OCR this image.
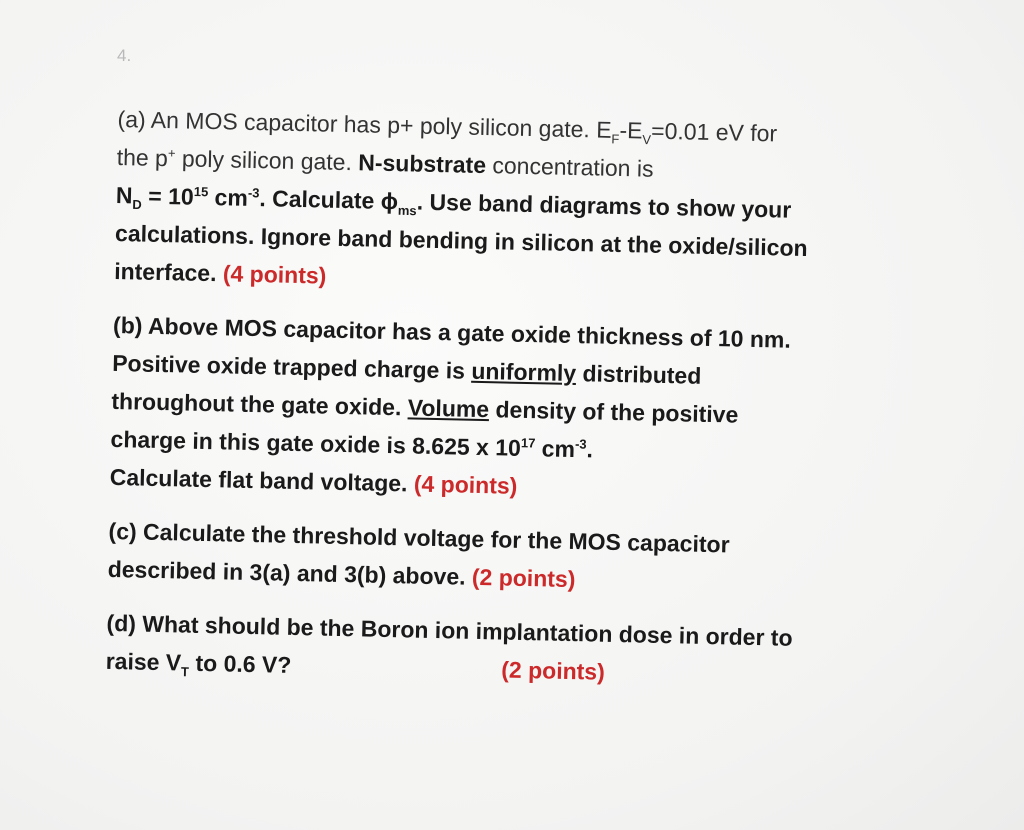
4.
(a) An MOS capacitor has p+ poly silicon gate. $E_F-E_V=0.01$ eV for
the p+ poly silicon gate. N-substrate concentration is
$N_D = 10^{15}$ $cm^{-3}$. Calculate $\phi_{ms}$. Use band diagrams to show your
calculations. Ignore band bending in silicon at the oxide/silicon
interface. (4 points)
(b) Above MOS capacitor has a gate oxide thickness of 10 nm.
Positive oxide trapped charge is uniformly distributed
throughout the gate oxide. Volume density of the positive
charge in this gate oxide is 8.625 x $10^{17}$ $cm^{-3}$.
Calculate flat band voltage. (4 points)
(c) Calculate the threshold voltage for the MOS capacitor
described in 3(a) and 3(b) above. (2 points)
(d) What should be the Boron ion implantation dose in order to
raise $V_T$ to 0.6 V?	(2 points)
